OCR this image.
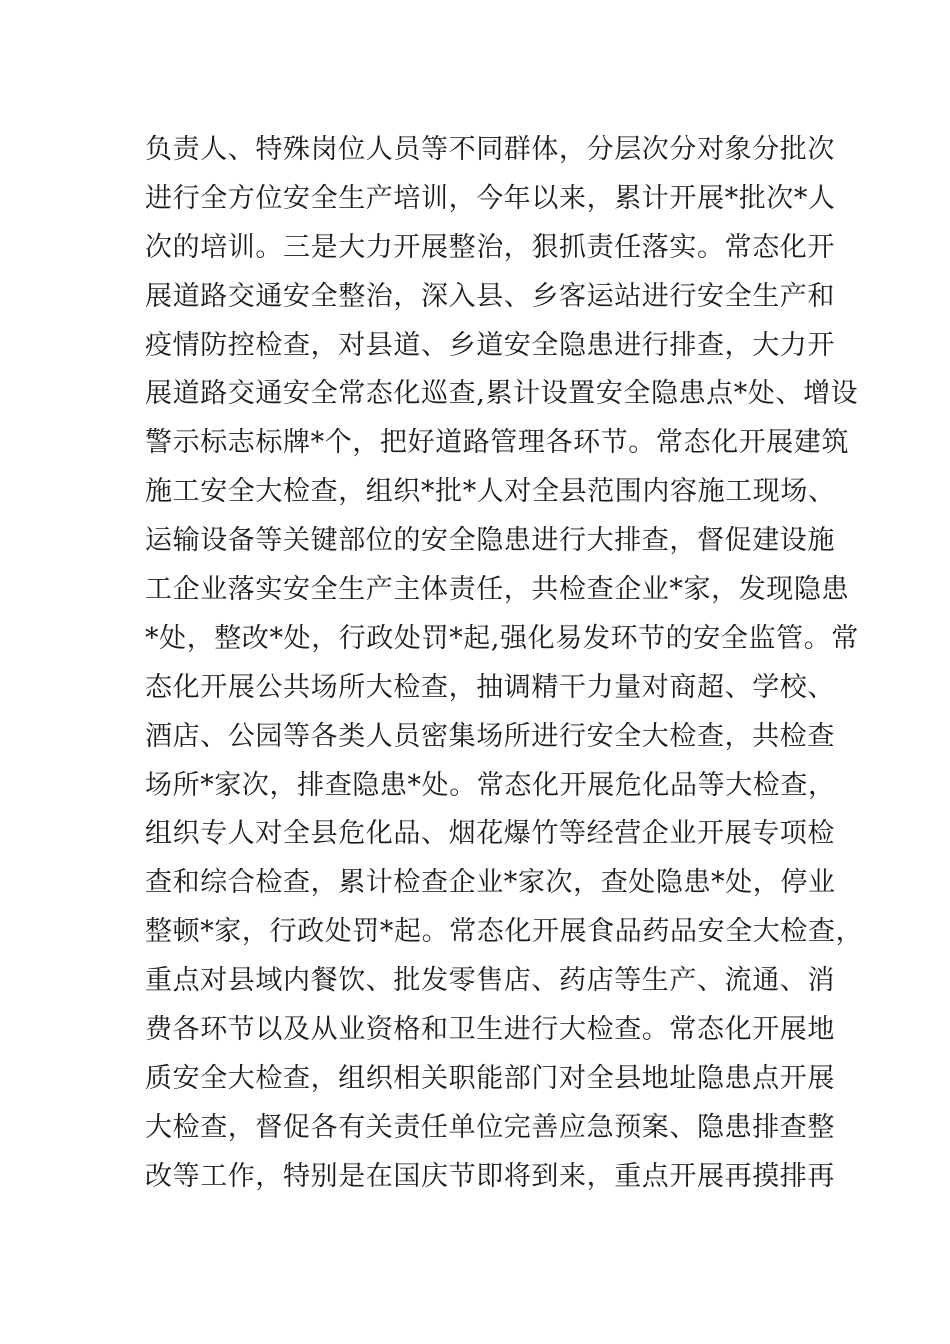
负责人、特殊岗位人员等不同群体，分层次分对象分批次
进行全方位安全生产培训，今年以来，累计开展*批次*人
次的培训。三是大力开展整治，狠抓责任落实。常态化开
展道路交通安全整治，深入县、乡客运站进行安全生产和
疫情防控检查，对县道、乡道安全隐患进行排查，大力开
展道路交通安全常态化巡查,累计设置安全隐患点*处、增设
警示标志标牌*个，把好道路管理各环节。常态化开展建筑
施工安全大检查，组织*批*人对全县范围内容施工现场、
运输设备等关键部位的安全隐患进行大排查，督促建设施
工企业落实安全生产主体责任，共检查企业*家，发现隐患
*处，整改*处，行政处罚*起,强化易发环节的安全监管。常
态化开展公共场所大检查，抽调精干力量对商超、学校、
酒店、公园等各类人员密集场所进行安全大检查，共检查
场所*家次，排查隐患*处。常态化开展危化品等大检查，
组织专人对全县危化品、烟花爆竹等经营企业开展专项检
查和综合检查，累计检查企业*家次，查处隐患*处，停业
整顿*家，行政处罚*起。常态化开展食品药品安全大检查，
重点对县域内餐饮、批发零售店、药店等生产、流通、消
费各环节以及从业资格和卫生进行大检查。常态化开展地
质安全大检查，组织相关职能部门对全县地址隐患点开展
大检查，督促各有关责任单位完善应急预案、隐患排查整
改等工作，特别是在国庆节即将到来，重点开展再摸排再
